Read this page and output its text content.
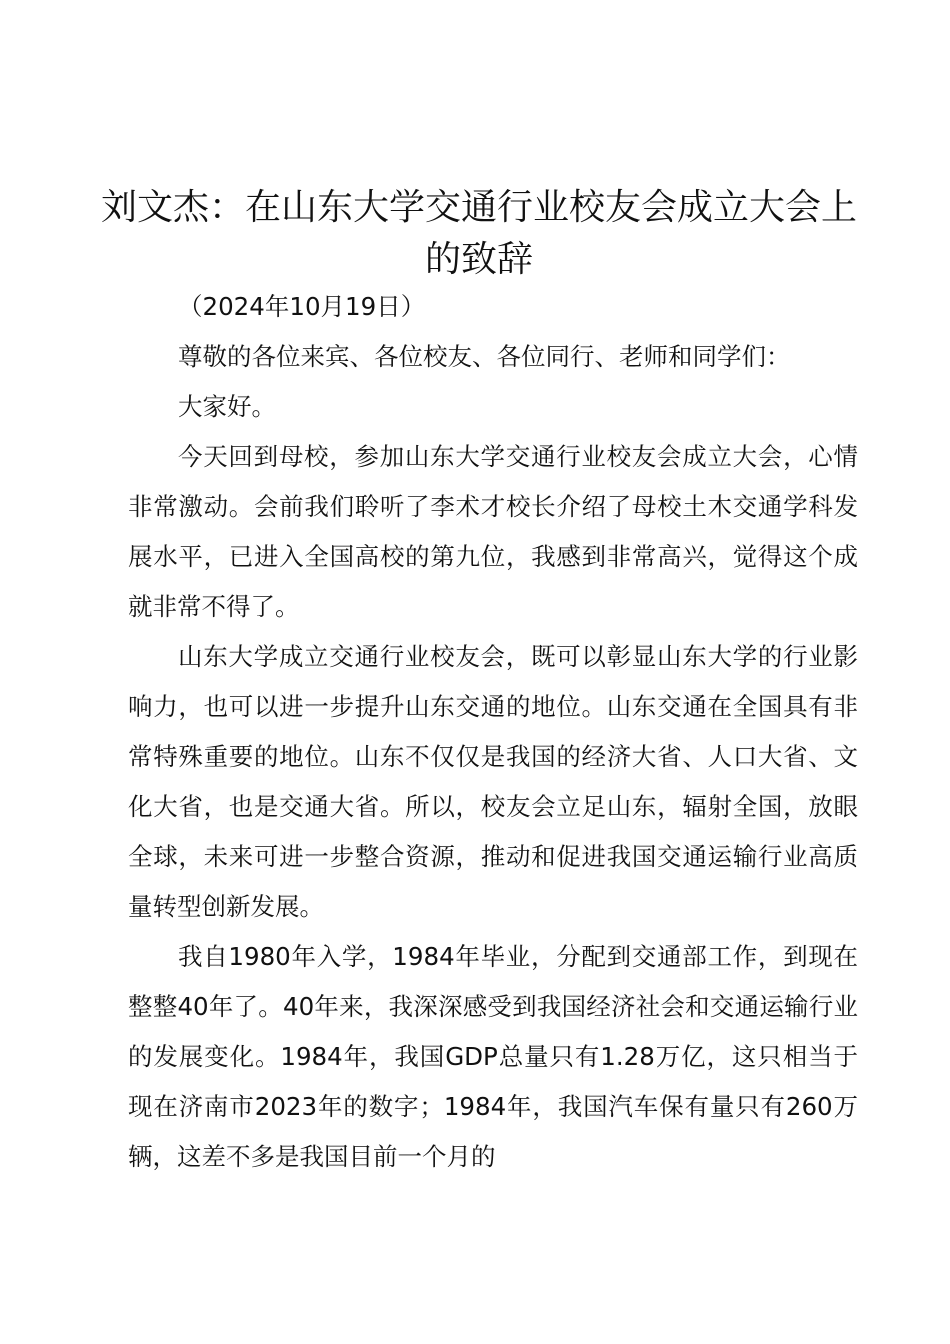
刘文杰：在山东大学交通行业校友会成立大会上的致辞

（2024年10月19日）

尊敬的各位来宾、各位校友、各位同行、老师和同学们：

大家好。

今天回到母校，参加山东大学交通行业校友会成立大会，心情非常激动。会前我们聆听了李术才校长介绍了母校土木交通学科发展水平，已进入全国高校的第九位，我感到非常高兴，觉得这个成就非常不得了。

山东大学成立交通行业校友会，既可以彰显山东大学的行业影响力，也可以进一步提升山东交通的地位。山东交通在全国具有非常特殊重要的地位。山东不仅仅是我国的经济大省、人口大省、文化大省，也是交通大省。所以，校友会立足山东，辐射全国，放眼全球，未来可进一步整合资源，推动和促进我国交通运输行业高质量转型创新发展。

我自1980年入学，1984年毕业，分配到交通部工作，到现在整整40年了。40年来，我深深感受到我国经济社会和交通运输行业的发展变化。1984年，我国GDP总量只有1.28万亿，这只相当于现在济南市2023年的数字；1984年，我国汽车保有量只有260万辆，这差不多是我国目前一个月的
